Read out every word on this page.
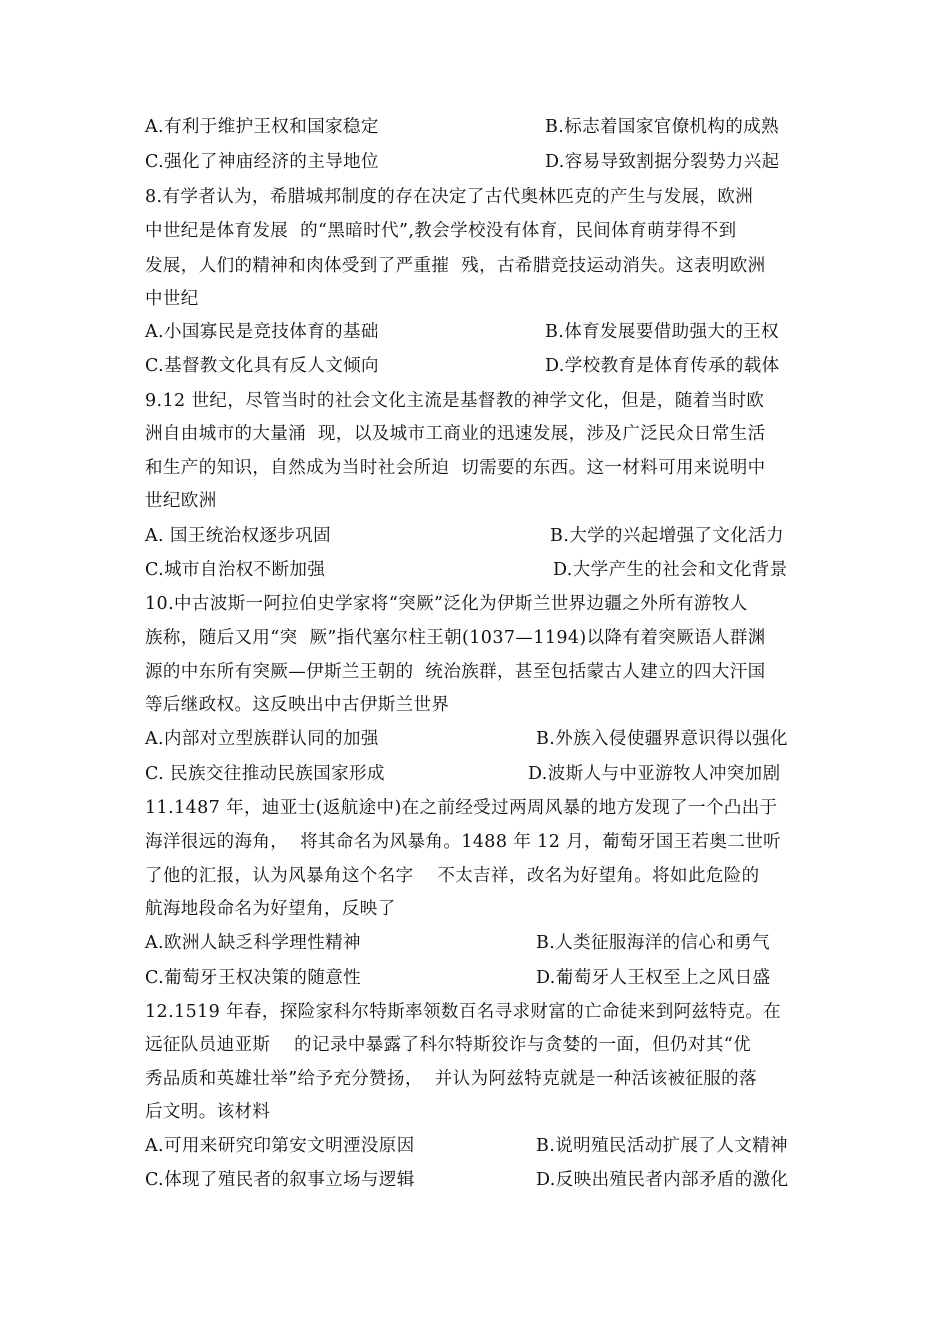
A.有利于维护王权和国家稳定	B.标志着国家官僚机构的成熟
C.强化了神庙经济的主导地位	D.容易导致割据分裂势力兴起
8.有学者认为，希腊城邦制度的存在决定了古代奥林匹克的产生与发展，欧洲
中世纪是体育发展  的“黑暗时代”,教会学校没有体育，民间体育萌芽得不到
发展，人们的精神和肉体受到了严重摧  残，古希腊竞技运动消失。这表明欧洲
中世纪
A.小国寡民是竞技体育的基础	B.体育发展要借助强大的王权
C.基督教文化具有反人文倾向	D.学校教育是体育传承的载体
9.12 世纪，尽管当时的社会文化主流是基督教的神学文化，但是，随着当时欧
洲自由城市的大量涌  现，以及城市工商业的迅速发展，涉及广泛民众日常生活
和生产的知识，自然成为当时社会所迫  切需要的东西。这一材料可用来说明中
世纪欧洲
A. 国王统治权逐步巩固	B.大学的兴起增强了文化活力
C.城市自治权不断加强	D.大学产生的社会和文化背景
10.中古波斯一阿拉伯史学家将“突厥”泛化为伊斯兰世界边疆之外所有游牧人
族称，随后又用“突  厥”指代塞尔柱王朝(1037—1194)以降有着突厥语人群渊
源的中东所有突厥—伊斯兰王朝的  统治族群，甚至包括蒙古人建立的四大汗国
等后继政权。这反映出中古伊斯兰世界
A.内部对立型族群认同的加强	B.外族入侵使疆界意识得以强化
C. 民族交往推动民族国家形成	D.波斯人与中亚游牧人冲突加剧
11.1487 年，迪亚士(返航途中)在之前经受过两周风暴的地方发现了一个凸出于
海洋很远的海角，  将其命名为风暴角。1488 年 12 月，葡萄牙国王若奥二世听
了他的汇报，认为风暴角这个名字    不太吉祥，改名为好望角。将如此危险的
航海地段命名为好望角，反映了
A.欧洲人缺乏科学理性精神	B.人类征服海洋的信心和勇气
C.葡萄牙王权决策的随意性	D.葡萄牙人王权至上之风日盛
12.1519 年春，探险家科尔特斯率领数百名寻求财富的亡命徒来到阿兹特克。在
远征队员迪亚斯    的记录中暴露了科尔特斯狡诈与贪婪的一面，但仍对其“优
秀品质和英雄壮举”给予充分赞扬，  并认为阿兹特克就是一种活该被征服的落
后文明。该材料
A.可用来研究印第安文明湮没原因	B.说明殖民活动扩展了人文精神
C.体现了殖民者的叙事立场与逻辑	D.反映出殖民者内部矛盾的激化
